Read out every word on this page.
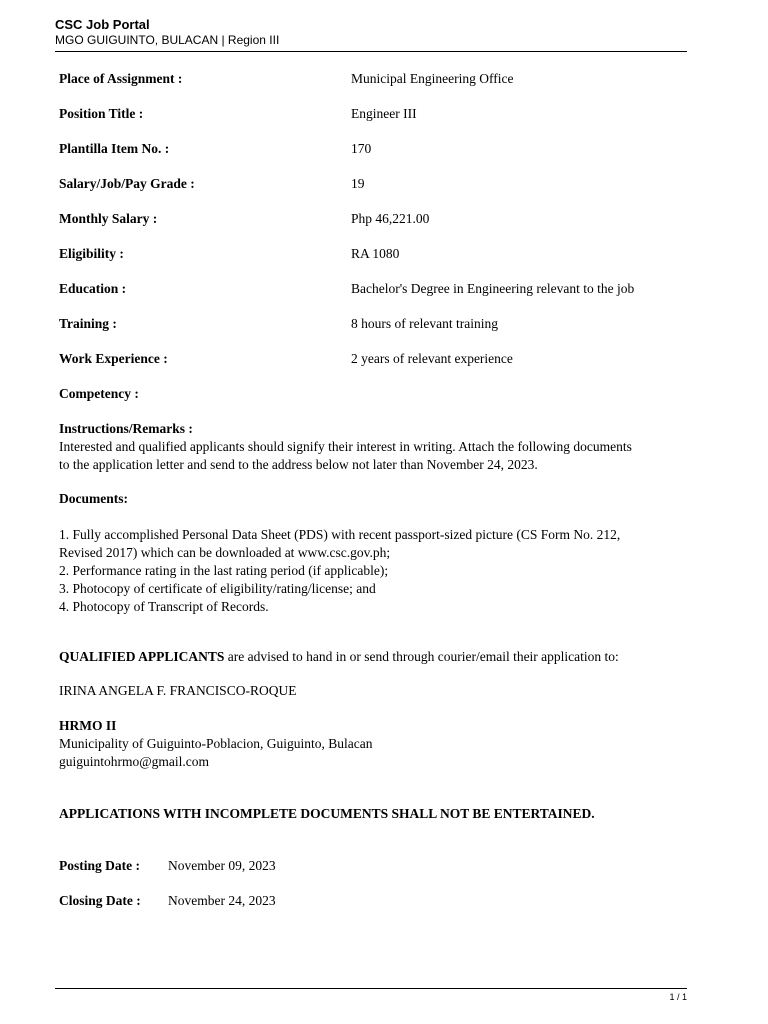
CSC Job Portal
MGO GUIGUINTO, BULACAN | Region III
Place of Assignment :	Municipal Engineering Office
Position Title :	Engineer III
Plantilla Item No. :	170
Salary/Job/Pay Grade :	19
Monthly Salary :	Php 46,221.00
Eligibility :	RA 1080
Education :	Bachelor's Degree in Engineering relevant to the job
Training :	8 hours of relevant training
Work Experience :	2 years of relevant experience
Competency :
Instructions/Remarks :
Interested and qualified applicants should signify their interest in writing. Attach the following documents
to the application letter and send to the address below not later than November 24, 2023.
Documents:
1. Fully accomplished Personal Data Sheet (PDS) with recent passport-sized picture (CS Form No. 212,
Revised 2017) which can be downloaded at www.csc.gov.ph;
2. Performance rating in the last rating period (if applicable);
3. Photocopy of certificate of eligibility/rating/license; and
4. Photocopy of Transcript of Records.
QUALIFIED APPLICANTS are advised to hand in or send through courier/email their application to:
IRINA ANGELA F. FRANCISCO-ROQUE
HRMO II
Municipality of Guiguinto-Poblacion, Guiguinto, Bulacan
guiguintohrmo@gmail.com
APPLICATIONS WITH INCOMPLETE DOCUMENTS SHALL NOT BE ENTERTAINED.
Posting Date : November 09, 2023
Closing Date : November 24, 2023
1 / 1
